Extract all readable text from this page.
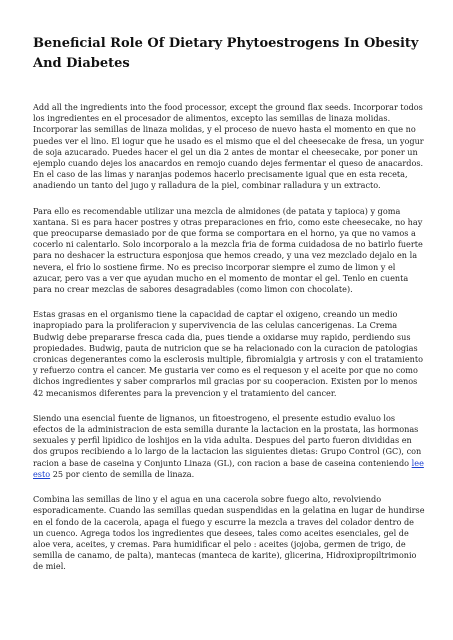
Beneficial Role Of Dietary Phytoestrogens In Obesity And Diabetes

Add all the ingredients into the food processor, except the ground flax seeds. Incorporar todos los ingredientes en el procesador de alimentos, excepto las semillas de linaza molidas. Incorporar las semillas de linaza molidas, y el proceso de nuevo hasta el momento en que no puedes ver el lino. El iogur que he usado es el mismo que el del cheesecake de fresa, un yogur de soja azucarado. Puedes hacer el gel un dia 2 antes de montar el cheesecake, por poner un ejemplo cuando dejes los anacardos en remojo cuando dejes fermentar el queso de anacardos. En el caso de las limas y naranjas podemos hacerlo precisamente igual que en esta receta, anadiendo un tanto del jugo y ralladura de la piel, combinar ralladura y un extracto.

Para ello es recomendable utilizar una mezcla de almidones (de patata y tapioca) y goma xantana. Si es para hacer postres y otras preparaciones en frio, como este cheesecake, no hay que preocuparse demasiado por de que forma se comportara en el horno, ya que no vamos a cocerlo ni calentarlo. Solo incorporalo a la mezcla fria de forma cuidadosa de no batirlo fuerte para no deshacer la estructura esponjosa que hemos creado, y una vez mezclado dejalo en la nevera, el frio lo sostiene firme. No es preciso incorporar siempre el zumo de limon y el azucar, pero vas a ver que ayudan mucho en el momento de montar el gel. Tenlo en cuenta para no crear mezclas de sabores desagradables (como limon con chocolate).

Estas grasas en el organismo tiene la capacidad de captar el oxigeno, creando un medio inapropiado para la proliferacion y supervivencia de las celulas cancerigenas. La Crema Budwig debe prepararse fresca cada dia, pues tiende a oxidarse muy rapido, perdiendo sus propiedades. Budwig, pauta de nutricion que se ha relacionado con la curacion de patologias cronicas degenerantes como la esclerosis multiple, fibromialgia y artrosis y con el tratamiento y refuerzo contra el cancer. Me gustaria ver como es el requeson y el aceite por que no como dichos ingredientes y saber comprarlos mil gracias por su cooperacion. Existen por lo menos 42 mecanismos diferentes para la prevencion y el tratamiento del cancer.

Siendo una esencial fuente de lignanos, un fitoestrogeno, el presente estudio evaluo los efectos de la administracion de esta semilla durante la lactacion en la prostata, las hormonas sexuales y perfil lipidico de loshijos en la vida adulta. Despues del parto fueron divididas en dos grupos recibiendo a lo largo de la lactacion las siguientes dietas: Grupo Control (GC), con racion a base de caseina y Conjunto Linaza (GL), con racion a base de caseina conteniendo lee esto 25 por ciento de semilla de linaza.

Combina las semillas de lino y el agua en una cacerola sobre fuego alto, revolviendo esporadicamente. Cuando las semillas quedan suspendidas en la gelatina en lugar de hundirse en el fondo de la cacerola, apaga el fuego y escurre la mezcla a traves del colador dentro de un cuenco. Agrega todos los ingredientes que desees, tales como aceites esenciales, gel de aloe vera, aceites, y cremas. Para humidificar el pelo : aceites (jojoba, germen de trigo, de semilla de canamo, de palta), mantecas (manteca de karite), glicerina, Hidroxipropiltrimonio de miel.
